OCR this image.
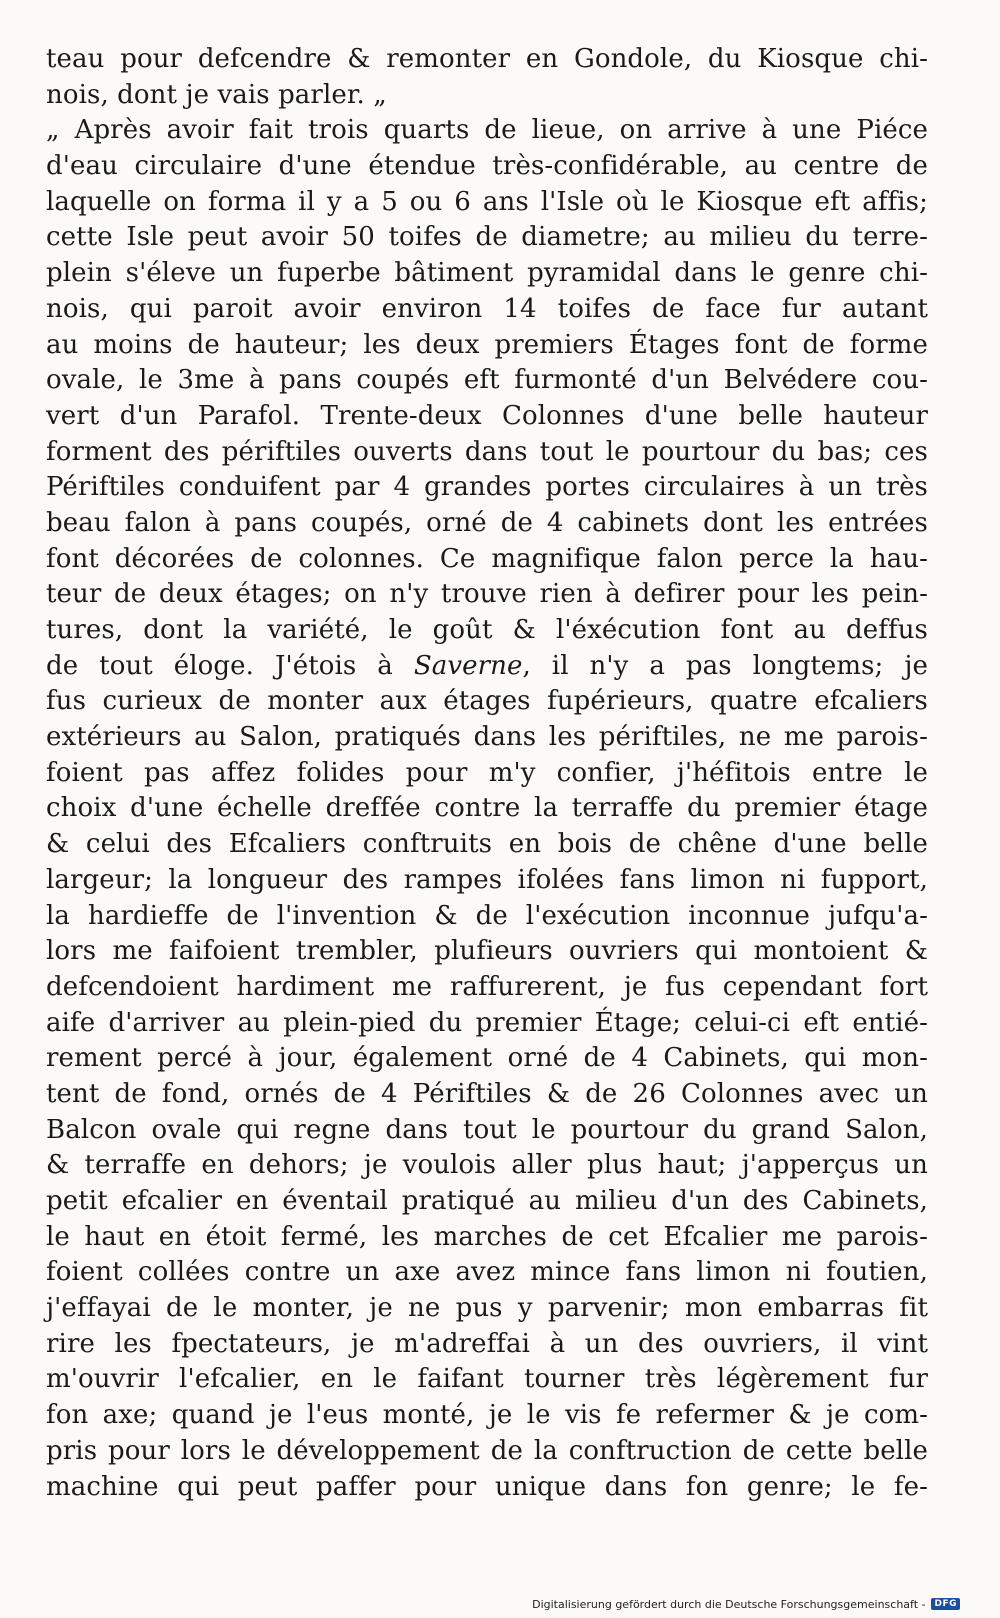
teau pour defcendre & remonter en Gondole, du Kiosque chi-
nois, dont je vais parler. „
„ Après avoir fait trois quarts de lieue, on arrive à une Piéce
d'eau circulaire d'une étendue très-confidérable, au centre de
laquelle on forma il y a 5 ou 6 ans l'Isle où le Kiosque eft affis;
cette Isle peut avoir 50 toifes de diametre; au milieu du terre-
plein s'éleve un fuperbe bâtiment pyramidal dans le genre chi-
nois, qui paroit avoir environ 14 toifes de face fur autant
au moins de hauteur; les deux premiers Étages font de forme
ovale, le 3me à pans coupés eft furmonté d'un Belvédere cou-
vert d'un Parafol. Trente-deux Colonnes d'une belle hauteur
forment des périftiles ouverts dans tout le pourtour du bas; ces
Périftiles conduifent par 4 grandes portes circulaires à un très
beau falon à pans coupés, orné de 4 cabinets dont les entrées
font décorées de colonnes. Ce magnifique falon perce la hau-
teur de deux étages; on n'y trouve rien à defirer pour les pein-
tures, dont la variété, le goût & l'éxécution font au deffus
de tout éloge. J'étois à Saverne, il n'y a pas longtems; je
fus curieux de monter aux étages fupérieurs, quatre efcaliers
extérieurs au Salon, pratiqués dans les périftiles, ne me parois-
foient pas affez folides pour m'y confier, j'héfitois entre le
choix d'une échelle dreffée contre la terraffe du premier étage
& celui des Efcaliers conftruits en bois de chêne d'une belle
largeur; la longueur des rampes ifolées fans limon ni fupport,
la hardieffe de l'invention & de l'exécution inconnue jufqu'a-
lors me faifoient trembler, plufieurs ouvriers qui montoient &
defcendoient hardiment me raffurerent, je fus cependant fort
aife d'arriver au plein-pied du premier Étage; celui-ci eft entié-
rement percé à jour, également orné de 4 Cabinets, qui mon-
tent de fond, ornés de 4 Périftiles & de 26 Colonnes avec un
Balcon ovale qui regne dans tout le pourtour du grand Salon,
& terraffe en dehors; je voulois aller plus haut; j'apperçus un
petit efcalier en éventail pratiqué au milieu d'un des Cabinets,
le haut en étoit fermé, les marches de cet Efcalier me parois-
foient collées contre un axe avez mince fans limon ni foutien,
j'effayai de le monter, je ne pus y parvenir; mon embarras fit
rire les fpectateurs, je m'adreffai à un des ouvriers, il vint
m'ouvrir l'efcalier, en le faifant tourner très légèrement fur
fon axe; quand je l'eus monté, je le vis fe refermer & je com-
pris pour lors le développement de la conftruction de cette belle
machine qui peut paffer pour unique dans fon genre; le fe-
Digitalisierung gefördert durch die Deutsche Forschungsgemeinschaft -	DFG
